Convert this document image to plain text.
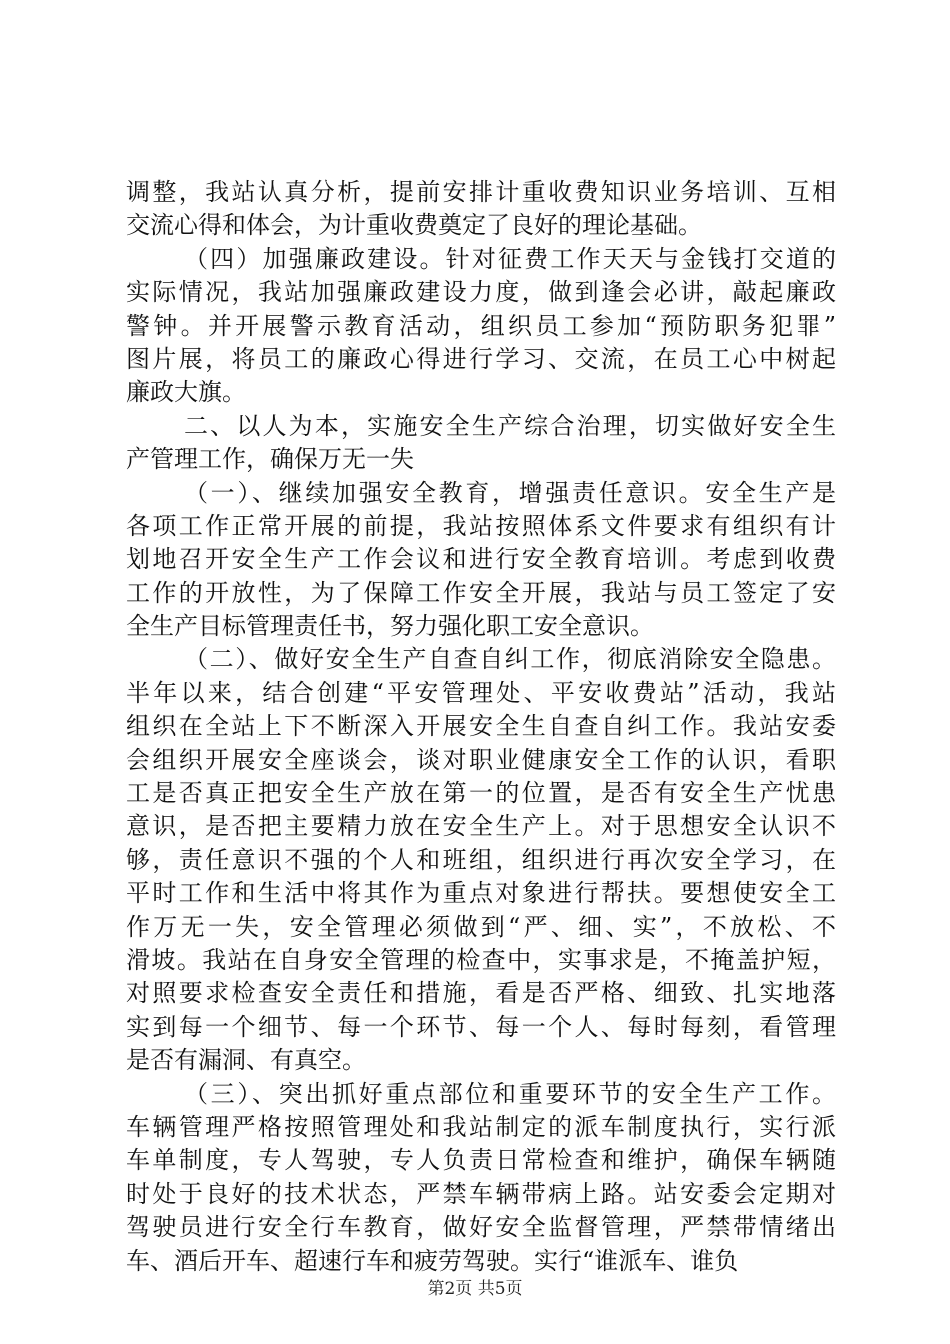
调整，我站认真分析，提前安排计重收费知识业务培训、互相
交流心得和体会，为计重收费奠定了良好的理论基础。
（四）加强廉政建设。针对征费工作天天与金钱打交道的
实际情况，我站加强廉政建设力度，做到逢会必讲，敲起廉政
警钟。并开展警示教育活动，组织员工参加“预防职务犯罪”
图片展，将员工的廉政心得进行学习、交流，在员工心中树起
廉政大旗。
二、以人为本，实施安全生产综合治理，切实做好安全生
产管理工作，确保万无一失
（一）、继续加强安全教育，增强责任意识。安全生产是
各项工作正常开展的前提，我站按照体系文件要求有组织有计
划地召开安全生产工作会议和进行安全教育培训。考虑到收费
工作的开放性，为了保障工作安全开展，我站与员工签定了安
全生产目标管理责任书，努力强化职工安全意识。
（二）、做好安全生产自查自纠工作，彻底消除安全隐患。
半年以来，结合创建“平安管理处、平安收费站”活动，我站
组织在全站上下不断深入开展安全生自查自纠工作。我站安委
会组织开展安全座谈会，谈对职业健康安全工作的认识，看职
工是否真正把安全生产放在第一的位置，是否有安全生产忧患
意识，是否把主要精力放在安全生产上。对于思想安全认识不
够，责任意识不强的个人和班组，组织进行再次安全学习，在
平时工作和生活中将其作为重点对象进行帮扶。要想使安全工
作万无一失，安全管理必须做到“严、细、实”，不放松、不
滑坡。我站在自身安全管理的检查中，实事求是，不掩盖护短，
对照要求检查安全责任和措施，看是否严格、细致、扎实地落
实到每一个细节、每一个环节、每一个人、每时每刻，看管理
是否有漏洞、有真空。
（三）、突出抓好重点部位和重要环节的安全生产工作。
车辆管理严格按照管理处和我站制定的派车制度执行，实行派
车单制度，专人驾驶，专人负责日常检查和维护，确保车辆随
时处于良好的技术状态，严禁车辆带病上路。站安委会定期对
驾驶员进行安全行车教育，做好安全监督管理，严禁带情绪出
车、酒后开车、超速行车和疲劳驾驶。实行“谁派车、谁负
第2页 共5页
